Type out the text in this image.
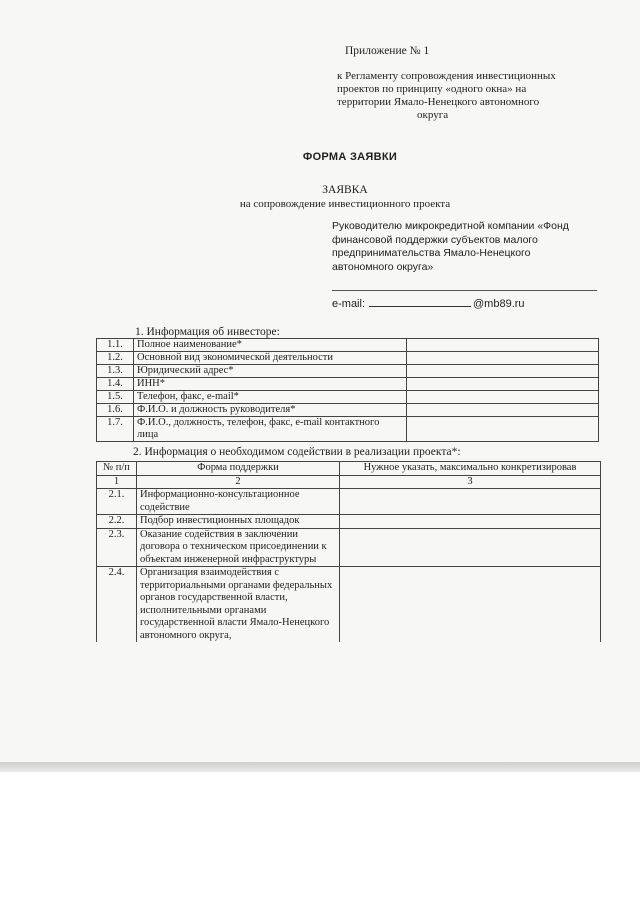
Приложение № 1
к Регламенту сопровождения инвестиционных
проектов по принципу «одного окна» на
территории Ямало-Ненецкого автономного
округа
ФОРМА ЗАЯВКИ
ЗАЯВКА
на сопровождение инвестиционного проекта
Руководителю микрокредитной компании «Фонд
финансовой поддержки субъектов малого
предпринимательства Ямало-Ненецкого
автономного округа»
e-mail:	@mb89.ru
1. Информация об инвесторе:
1.1.	Полное наименование*	
1.2.	Основной вид экономической деятельности	
1.3.	Юридический адрес*	
1.4.	ИНН*	
1.5.	Телефон, факс, e-mail*	
1.6.	Ф.И.О. и должность руководителя*	
1.7.	Ф.И.О., должность, телефон, факс, e-mail контактного лица	
2. Информация о необходимом содействии в реализации проекта*:
№ п/п	Форма поддержки	Нужное указать, максимально конкретизировав
1	2	3
2.1.	Информационно-консультационное содействие	
2.2.	Подбор инвестиционных площадок	
2.3.	Оказание содействия в заключении договора о техническом присоединении к объектам инженерной инфраструктуры	
2.4.	Организация взаимодействия с территориальными органами федеральных органов государственной власти, исполнительными органами государственной власти Ямало-Ненецкого автономного округа,	
